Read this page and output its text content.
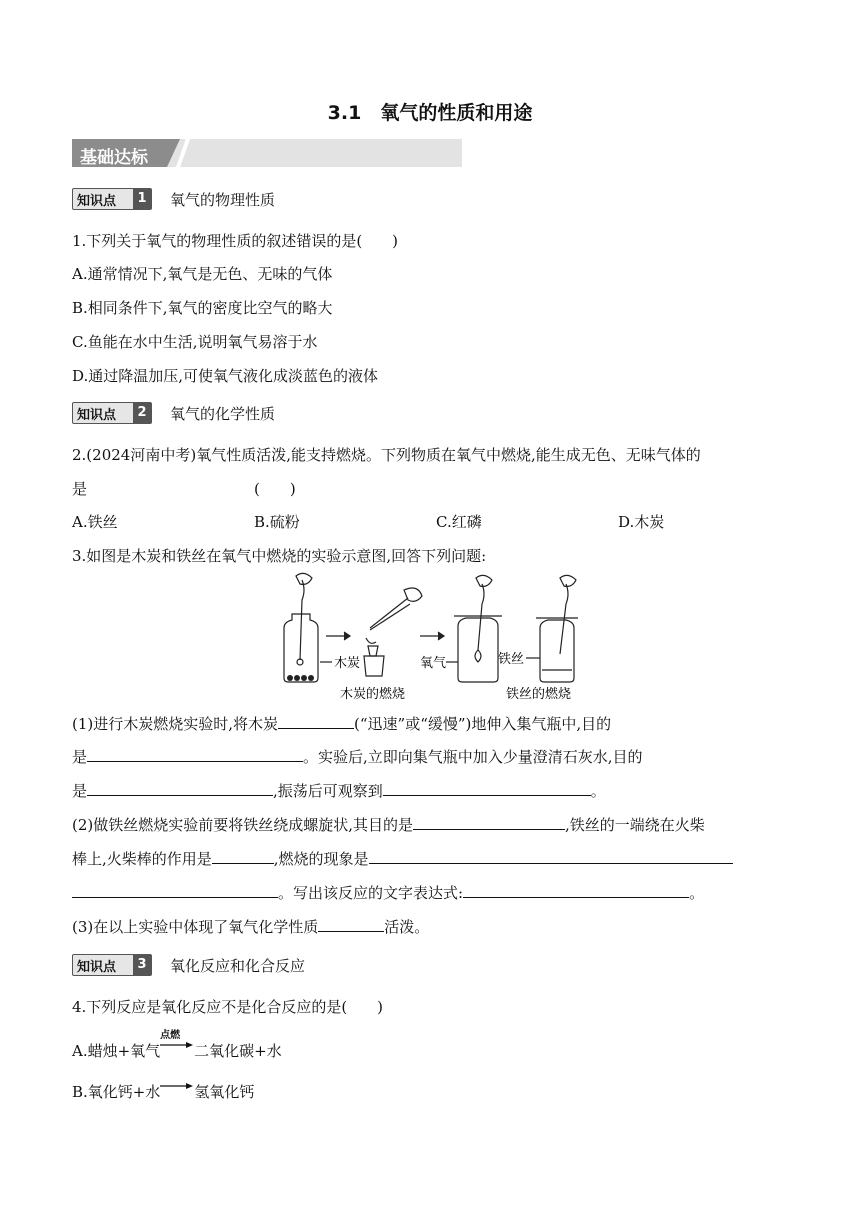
3.1　氧气的性质和用途
基础达标
知识点	1 氧气的物理性质
1.下列关于氧气的物理性质的叙述错误的是(　　)
A.通常情况下,氧气是无色、无味的气体
B.相同条件下,氧气的密度比空气的略大
C.鱼能在水中生活,说明氧气易溶于水
D.通过降温加压,可使氧气液化成淡蓝色的液体
知识点	2 氧气的化学性质
2.(2024河南中考)氧气性质活泼,能支持燃烧。下列物质在氧气中燃烧,能生成无色、无味气体的
是	(　　)
A.铁丝	B.硫粉	C.红磷	D.木炭
3.如图是木炭和铁丝在氧气中燃烧的实验示意图,回答下列问题:
木炭	氧气	铁丝
木炭的燃烧	铁丝的燃烧
(1)进行木炭燃烧实验时,将木炭	(“迅速”或“缓慢”)地伸入集气瓶中,目的
是	。实验后,立即向集气瓶中加入少量澄清石灰水,目的
是	,振荡后可观察到	。
(2)做铁丝燃烧实验前要将铁丝绕成螺旋状,其目的是	,铁丝的一端绕在火柴
棒上,火柴棒的作用是	,燃烧的现象是
。写出该反应的文字表达式:	。
(3)在以上实验中体现了氧气化学性质	活泼。
知识点	3 氧化反应和化合反应
4.下列反应是氧化反应不是化合反应的是(　　)
A.蜡烛+氧气
点燃
二氧化碳+水
B.氧化钙+水→氢氧化钙
